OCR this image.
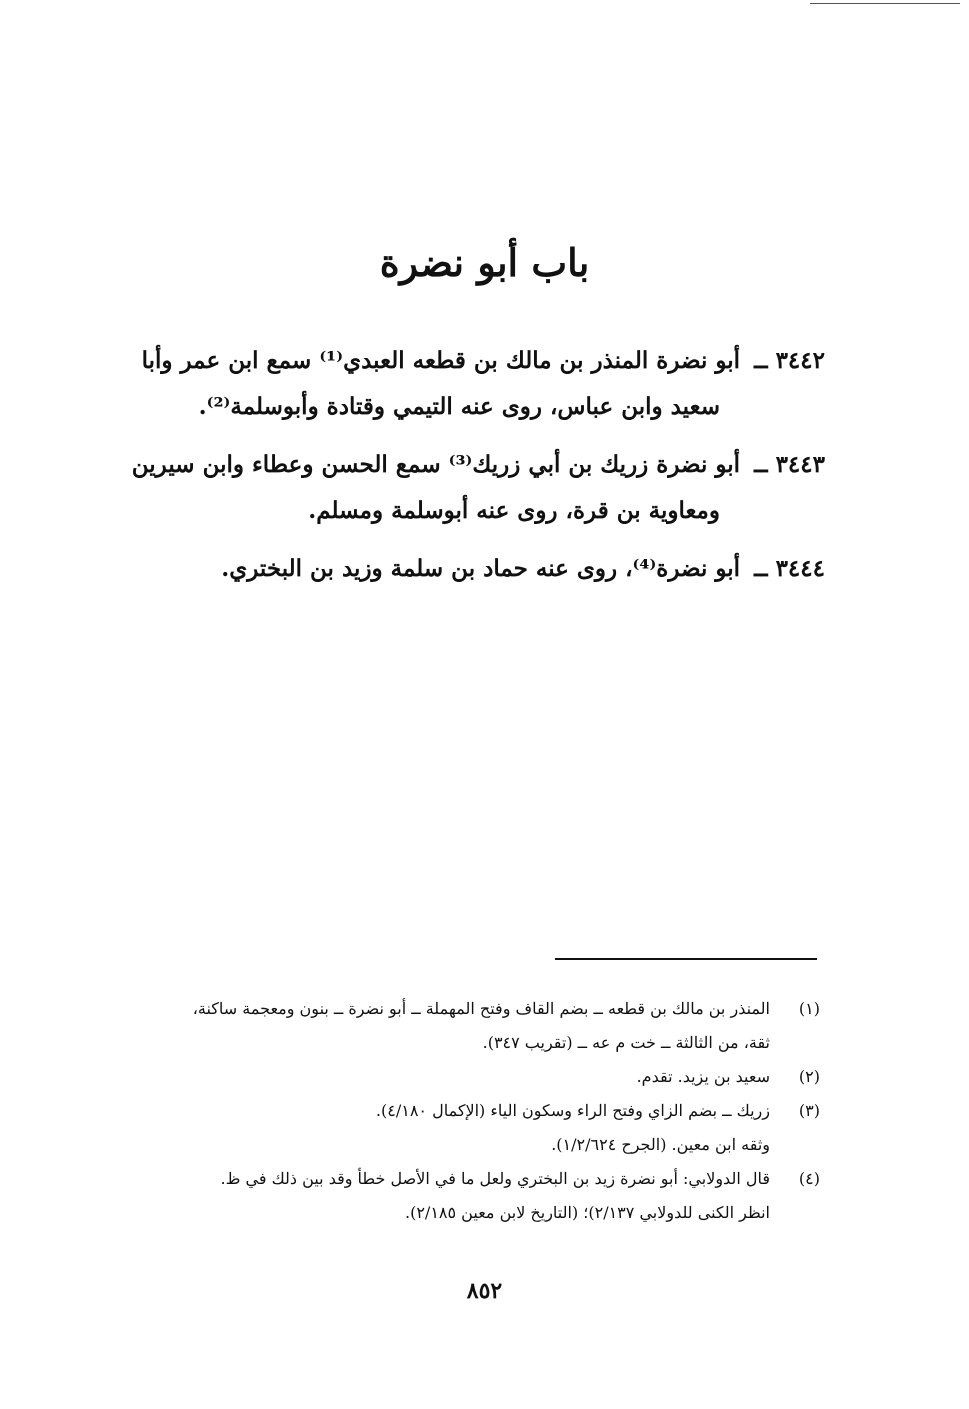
باب أبو نضرة
٣٤٤٢ ــ أبو نضرة المنذر بن مالك بن قطعه العبدي⁽¹⁾ سمع ابن عمر وأبا
سعيد وابن عباس، روى عنه التيمي وقتادة وأبوسلمة⁽²⁾.
٣٤٤٣ ــ أبو نضرة زريك بن أبي زريك⁽³⁾ سمع الحسن وعطاء وابن سيرين
ومعاوية بن قرة، روى عنه أبوسلمة ومسلم.
٣٤٤٤ ــ أبو نضرة⁽⁴⁾، روى عنه حماد بن سلمة وزيد بن البختري.
(١)
المنذر بن مالك بن قطعه ــ بضم القاف وفتح المهملة ــ أبو نضرة ــ بنون ومعجمة ساكنة،
ثقة، من الثالثة ــ خت م عه ــ (تقريب ٣٤٧).
(٢)
سعيد بن يزيد. تقدم.
(٣)
زريك ــ بضم الزاي وفتح الراء وسكون الياء (الإكمال ٤/١٨٠).
وثقه ابن معين. (الجرح ١/٢/٦٢٤).
(٤)
قال الدولابي: أبو نضرة زيد بن البختري ولعل ما في الأصل خطأ وقد بين ذلك في ظ.
انظر الكنى للدولابي ٢/١٣٧)؛ (التاريخ لابن معين ٢/١٨٥).
٨٥٢
